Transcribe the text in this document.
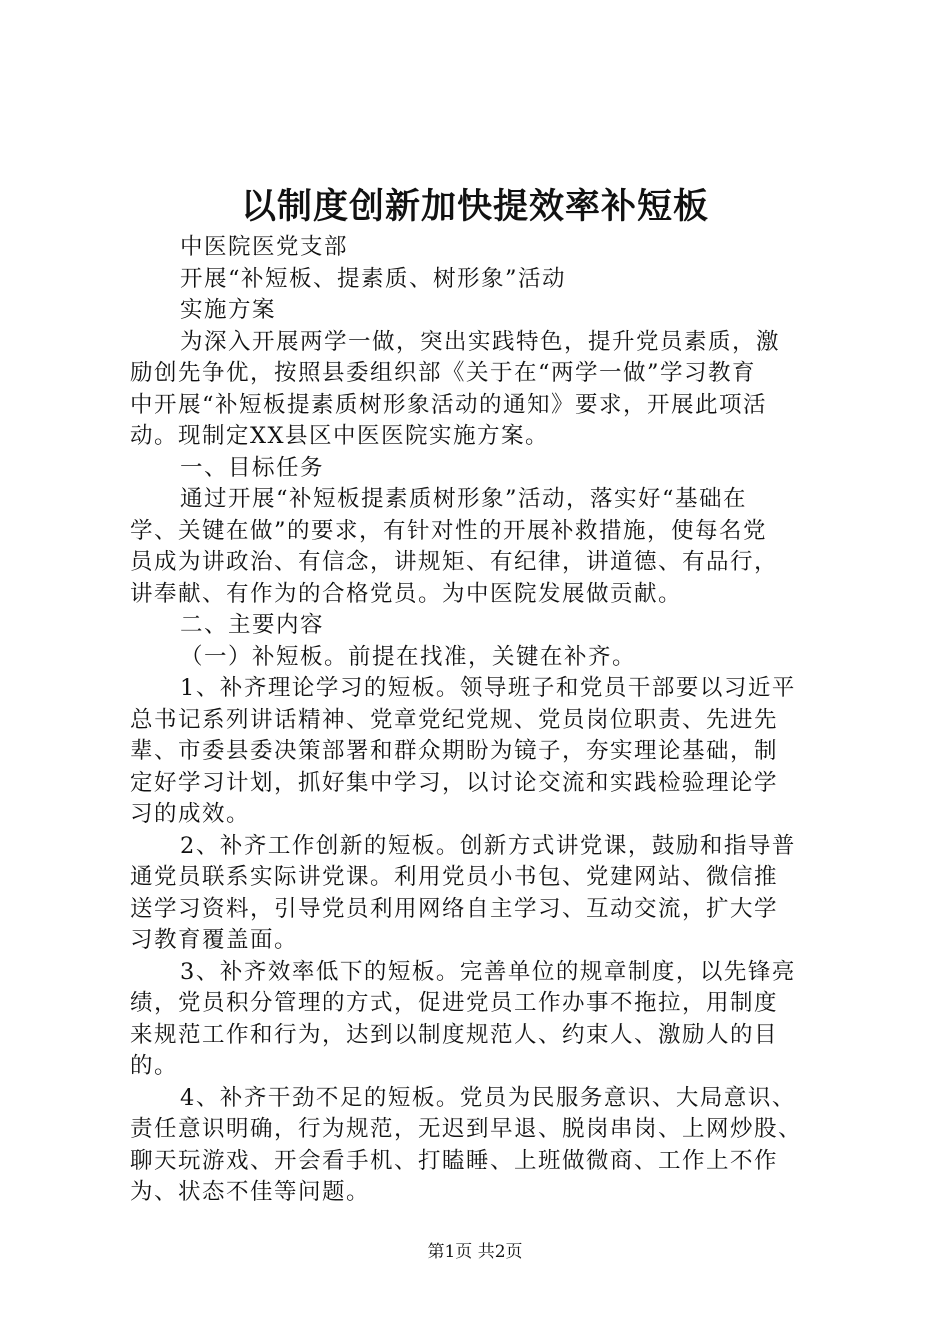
以制度创新加快提效率补短板

中医院医党支部

开展“补短板、提素质、树形象”活动

实施方案

为深入开展两学一做，突出实践特色，提升党员素质，激

励创先争优，按照县委组织部《关于在“两学一做”学习教育

中开展“补短板提素质树形象活动的通知》要求，开展此项活

动。现制定XX县区中医医院实施方案。

一、目标任务

通过开展“补短板提素质树形象”活动，落实好“基础在

学、关键在做”的要求，有针对性的开展补救措施，使每名党

员成为讲政治、有信念，讲规矩、有纪律，讲道德、有品行，

讲奉献、有作为的合格党员。为中医院发展做贡献。

二、主要内容

（一）补短板。前提在找准，关键在补齐。

1、补齐理论学习的短板。领导班子和党员干部要以习近平

总书记系列讲话精神、党章党纪党规、党员岗位职责、先进先

辈、市委县委决策部署和群众期盼为镜子，夯实理论基础，制

定好学习计划，抓好集中学习，以讨论交流和实践检验理论学

习的成效。

2、补齐工作创新的短板。创新方式讲党课，鼓励和指导普

通党员联系实际讲党课。利用党员小书包、党建网站、微信推

送学习资料，引导党员利用网络自主学习、互动交流，扩大学

习教育覆盖面。

3、补齐效率低下的短板。完善单位的规章制度，以先锋亮

绩，党员积分管理的方式，促进党员工作办事不拖拉，用制度

来规范工作和行为，达到以制度规范人、约束人、激励人的目

的。

4、补齐干劲不足的短板。党员为民服务意识、大局意识、

责任意识明确，行为规范，无迟到早退、脱岗串岗、上网炒股、

聊天玩游戏、开会看手机、打瞌睡、上班做微商、工作上不作

为、状态不佳等问题。

第1页 共2页
